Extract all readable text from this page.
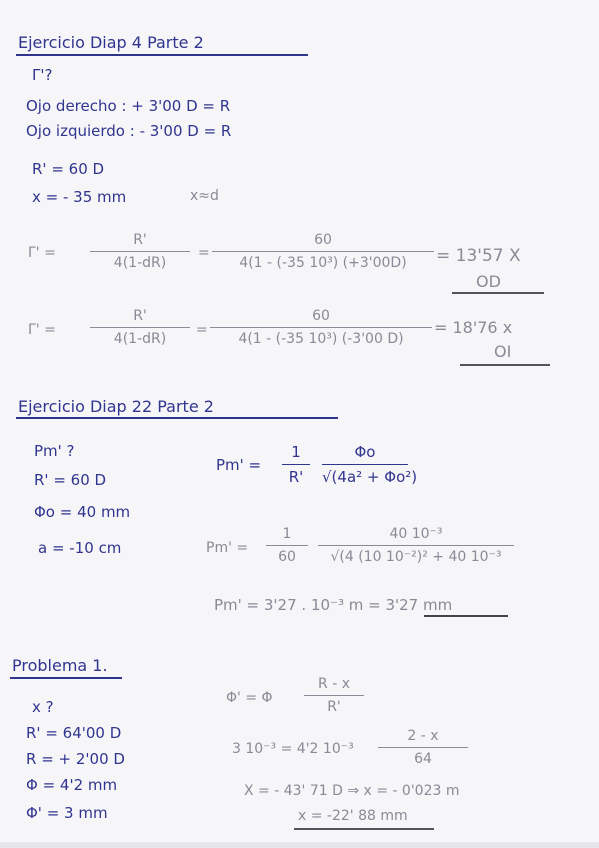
Ejercicio Diap 4 Parte 2
Γ'?
Ojo derecho : + 3'00 D = R
Ojo izquierdo : - 3'00 D = R
R' = 60 D
x = - 35 mm	x≈d
Γ' =
R'
4(1-dR)
=
60
4(1 - (-35 10³) (+3'00D)	= 13'57 X
OD
Γ' =
R'
4(1-dR)
=
60
4(1 - (-35 10³) (-3'00 D)
= 18'76 x
OI
Ejercicio Diap 22 Parte 2
Pm' ?
R' = 60 D
Φo = 40 mm
a = -10 cm
Pm' =
1
R'
Φo
√(4a² + Φo²)
Pm' =
1
60
40 10⁻³
√(4 (10 10⁻²)² + 40 10⁻³
Pm' = 3'27 . 10⁻³ m = 3'27 mm
Problema 1.
x ?
R' = 64'00 D
R = + 2'00 D
Φ = 4'2 mm
Φ' = 3 mm
Φ' = Φ
R - x
R'
3 10⁻³ = 4'2 10⁻³
2 - x
64
X = - 43' 71 D ⇒ x = - 0'023 m
x = -22' 88 mm
